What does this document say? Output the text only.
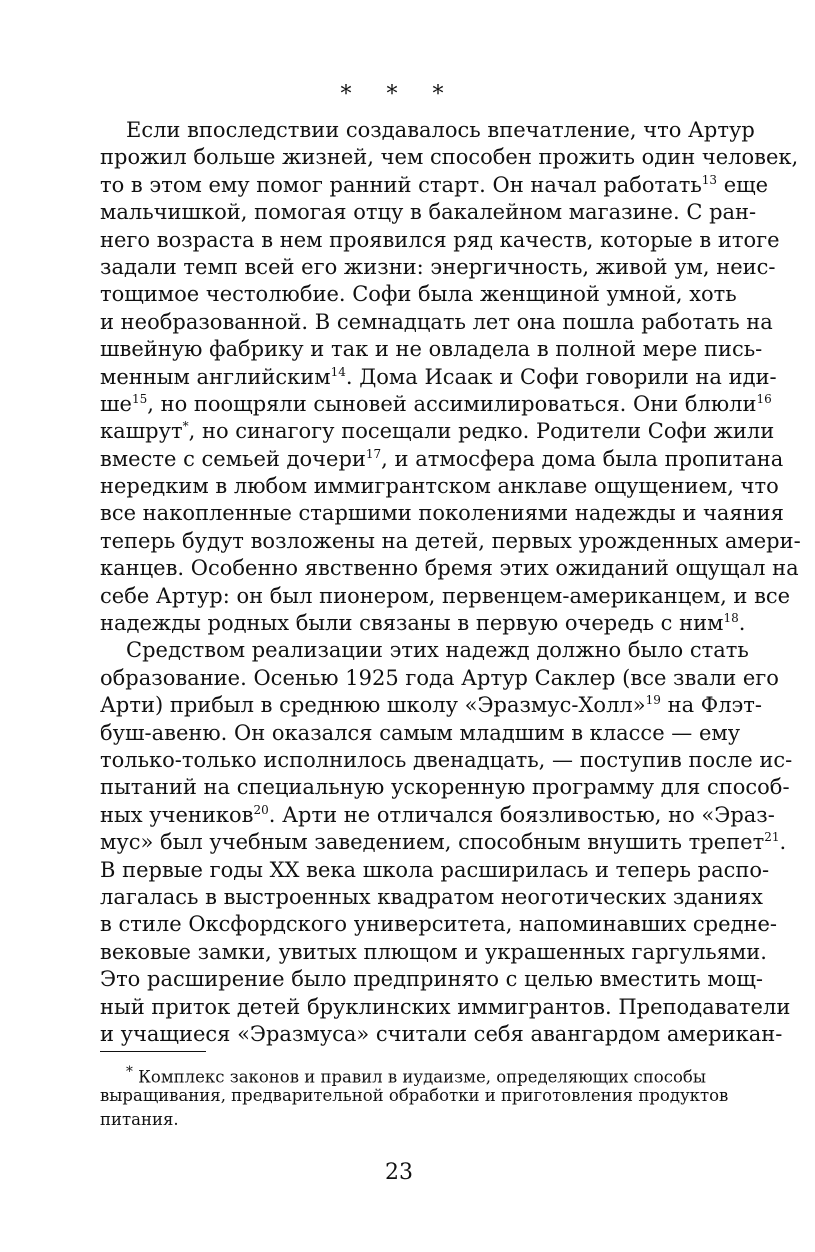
* * *
Если впоследствии создавалось впечатление, что Артур
прожил больше жизней, чем способен прожить один человек,
то в этом ему помог ранний старт. Он начал работать$^{13}$ еще
мальчишкой, помогая отцу в бакалейном магазине. С ран-
него возраста в нем проявился ряд качеств, которые в итоге
задали темп всей его жизни: энергичность, живой ум, неис-
тощимое честолюбие. Софи была женщиной умной, хоть
и необразованной. В семнадцать лет она пошла работать на
швейную фабрику и так и не овладела в полной мере пись-
менным английским$^{14}$. Дома Исаак и Софи говорили на иди-
$ше^{15}$, но поощряли сыновей ассимилироваться. Они блюли$^{16}$
кашрут*, но синагогу посещали редко. Родители Софи жили
вместе с семьей дочери$^{17}$, и атмосфера дома была пропитана
нередким в любом иммигрантском анклаве ощущением, что
все накопленные старшими поколениями надежды и чаяния
теперь будут возложены на детей, первых урожденных амери-
канцев. Особенно явственно бремя этих ожиданий ощущал на
себе Артур: он был пионером, первенцем-американцем, и все
надежды родных были связаны в первую очередь с ним$^{18}$.
Средством реализации этих надежд должно было стать
образование. Осенью 1925 года Артур Саклер (все звали его
Арти) прибыл в среднюю школу «Эразмус-Холл»$^{19}$ на Флэт-
буш-авеню. Он оказался самым младшим в классе — ему
только-только исполнилось двенадцать, — поступив после ис-
пытаний на специальную ускоренную программу для способ-
ных учеников$^{20}$. Арти не отличался боязливостью, но «Эраз-
мус» был учебным заведением, способным внушить трепет$^{21}$.
В первые годы XX века школа расширилась и теперь распо-
лагалась в выстроенных квадратом неоготических зданиях
в стиле Оксфордского университета, напоминавших средне-
вековые замки, увитых плющом и украшенных гаргульями.
Это расширение было предпринято с целью вместить мощ-
ный приток детей бруклинских иммигрантов. Преподаватели
и учащиеся «Эразмуса» считали себя авангардом американ-
* Комплекс законов и правил в иудаизме, определяющих способы
выращивания, предварительной обработки и приготовления продуктов
питания.
23
